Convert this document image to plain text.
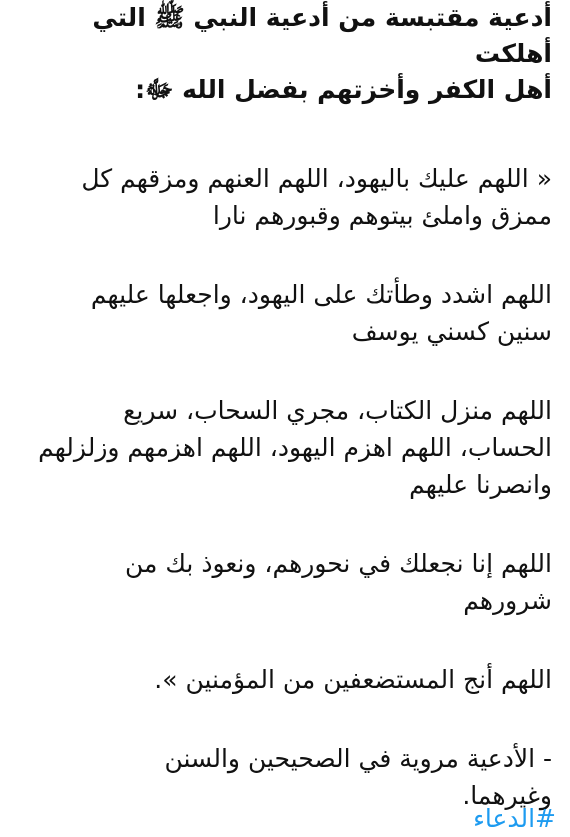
أدعية مقتبسة من أدعية النبي ﷺ التي أهلكت
أهل الكفر وأخزتهم بفضل الله ﷻ:

« اللهم عليك باليهود، اللهم العنهم ومزقهم كل
ممزق واملئ بيتوهم وقبورهم نارا

اللهم اشدد وطأتك على اليهود، واجعلها عليهم
سنين كسني يوسف

اللهم منزل الكتاب، مجري السحاب، سريع
الحساب، اللهم اهزم اليهود، اللهم اهزمهم وزلزلهم
وانصرنا عليهم

اللهم إنا نجعلك في نحورهم، ونعوذ بك من
شرورهم

اللهم أنج المستضعفين من المؤمنين ».

- الأدعية مروية في الصحيحين والسنن
وغيرهما.

#الدعاء
